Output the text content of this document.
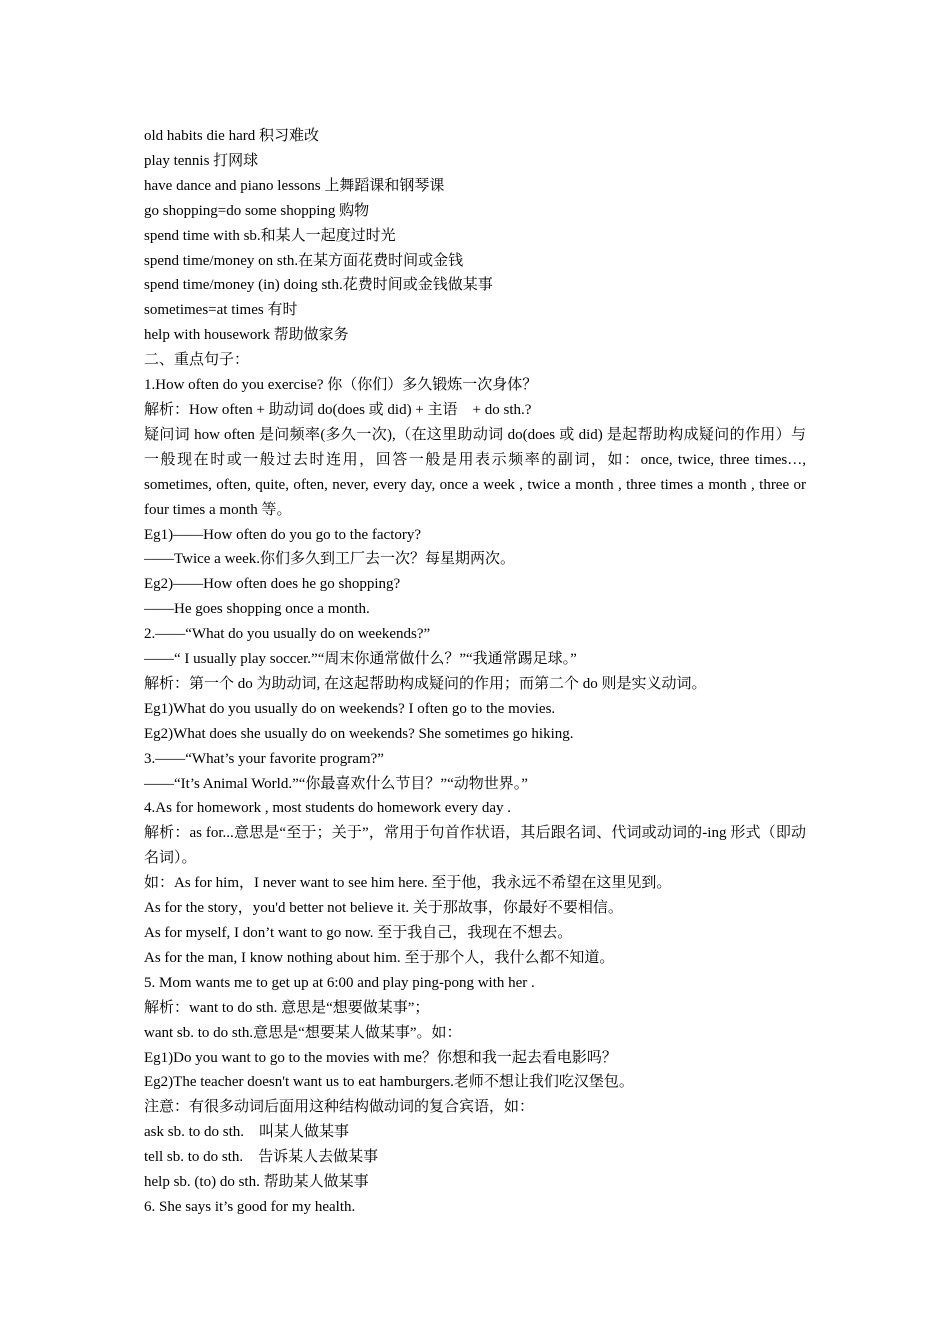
old habits die hard 积习难改
play tennis 打网球
have dance and piano lessons 上舞蹈课和钢琴课
go shopping=do some shopping 购物
spend time with sb.和某人一起度过时光
spend time/money on sth.在某方面花费时间或金钱
spend time/money (in) doing sth.花费时间或金钱做某事
sometimes=at times 有时
help with housework 帮助做家务
二、重点句子：
1.How often do you exercise? 你（你们）多久锻炼一次身体？
解析：How often + 助动词 do(does 或 did) + 主语　+ do sth.?
疑问词 how often 是问频率(多久一次),（在这里助动词 do(does 或 did) 是起帮助构成疑问的作用）与一般现在时或一般过去时连用，回答一般是用表示频率的副词，如：once, twice, three times…, sometimes, often, quite, often, never, every day, once a week , twice a month , three times a month , three or four times a month 等。
Eg1)——How often do you go to the factory?
——Twice a week.你们多久到工厂去一次？每星期两次。
Eg2)——How often does he go shopping?
——He goes shopping once a month.
2.——“What do you usually do on weekends?”
——“ I usually play soccer.”“周末你通常做什么？”“我通常踢足球。”
解析：第一个 do 为助动词, 在这起帮助构成疑问的作用；而第二个 do 则是实义动词。
Eg1)What do you usually do on weekends? I often go to the movies.
Eg2)What does she usually do on weekends? She sometimes go hiking.
3.——“What’s your favorite program?”
——“It’s Animal World.”“你最喜欢什么节目？”“动物世界。”
4.As for homework , most students do homework every day .
解析：as for...意思是“至于；关于”，常用于句首作状语，其后跟名词、代词或动词的-ing 形式（即动名词）。
如：As for him，I never want to see him here. 至于他，我永远不希望在这里见到。
As for the story，you'd better not believe it. 关于那故事，你最好不要相信。
As for myself, I don’t want to go now. 至于我自己，我现在不想去。
As for the man, I know nothing about him. 至于那个人，我什么都不知道。
5. Mom wants me to get up at 6:00 and play ping-pong with her .
解析：want to do sth. 意思是“想要做某事”；
want sb. to do sth.意思是“想要某人做某事”。如：
Eg1)Do you want to go to the movies with me？你想和我一起去看电影吗？
Eg2)The teacher doesn't want us to eat hamburgers.老师不想让我们吃汉堡包。
注意：有很多动词后面用这种结构做动词的复合宾语，如：
ask sb. to do sth.　叫某人做某事
tell sb. to do sth.　告诉某人去做某事
help sb. (to) do sth. 帮助某人做某事
6. She says it’s good for my health.
